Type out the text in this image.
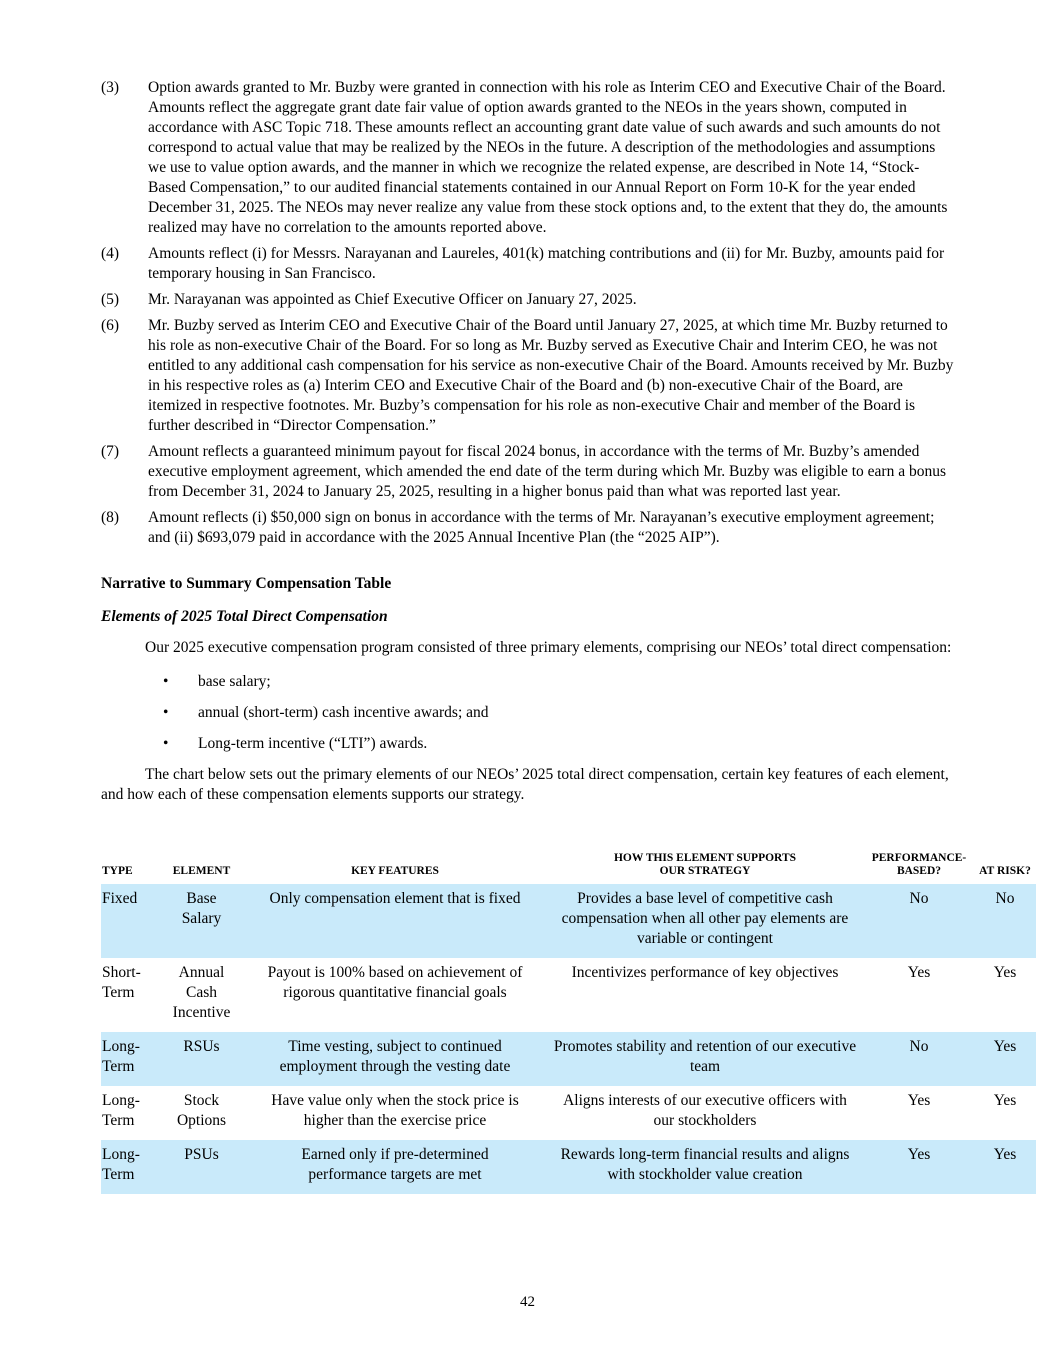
(3)	Option awards granted to Mr. Buzby were granted in connection with his role as Interim CEO and Executive Chair of the Board. Amounts reflect the aggregate grant date fair value of option awards granted to the NEOs in the years shown, computed in accordance with ASC Topic 718. These amounts reflect an accounting grant date value of such awards and such amounts do not correspond to actual value that may be realized by the NEOs in the future. A description of the methodologies and assumptions we use to value option awards, and the manner in which we recognize the related expense, are described in Note 14, “Stock-Based Compensation,” to our audited financial statements contained in our Annual Report on Form 10-K for the year ended December 31, 2025. The NEOs may never realize any value from these stock options and, to the extent that they do, the amounts realized may have no correlation to the amounts reported above.
(4)	Amounts reflect (i) for Messrs. Narayanan and Laureles, 401(k) matching contributions and (ii) for Mr. Buzby, amounts paid for temporary housing in San Francisco.
(5)	Mr. Narayanan was appointed as Chief Executive Officer on January 27, 2025.
(6)	Mr. Buzby served as Interim CEO and Executive Chair of the Board until January 27, 2025, at which time Mr. Buzby returned to his role as non-executive Chair of the Board. For so long as Mr. Buzby served as Executive Chair and Interim CEO, he was not entitled to any additional cash compensation for his service as non-executive Chair of the Board. Amounts received by Mr. Buzby in his respective roles as (a) Interim CEO and Executive Chair of the Board and (b) non-executive Chair of the Board, are itemized in respective footnotes. Mr. Buzby’s compensation for his role as non-executive Chair and member of the Board is further described in “Director Compensation.”
(7)	Amount reflects a guaranteed minimum payout for fiscal 2024 bonus, in accordance with the terms of Mr. Buzby’s amended executive employment agreement, which amended the end date of the term during which Mr. Buzby was eligible to earn a bonus from December 31, 2024 to January 25, 2025, resulting in a higher bonus paid than what was reported last year.
(8)	Amount reflects (i) $50,000 sign on bonus in accordance with the terms of Mr. Narayanan’s executive employment agreement; and (ii) $693,079 paid in accordance with the 2025 Annual Incentive Plan (the “2025 AIP”).
Narrative to Summary Compensation Table
Elements of 2025 Total Direct Compensation

Our 2025 executive compensation program consisted of three primary elements, comprising our NEOs’ total direct compensation:

•	base salary;
•	annual (short-term) cash incentive awards; and
•	Long-term incentive (“LTI”) awards.

The chart below sets out the primary elements of our NEOs’ 2025 total direct compensation, certain key features of each element, and how each of these compensation elements supports our strategy.

TYPE	ELEMENT	KEY FEATURES	HOW THIS ELEMENT SUPPORTS OUR STRATEGY	PERFORMANCE-BASED?	AT RISK?
Fixed	Base Salary	Only compensation element that is fixed	Provides a base level of competitive cash compensation when all other pay elements are variable or contingent	No	No
Short-Term	Annual Cash Incentive	Payout is 100% based on achievement of rigorous quantitative financial goals	Incentivizes performance of key objectives	Yes	Yes
Long-Term	RSUs	Time vesting, subject to continued employment through the vesting date	Promotes stability and retention of our executive team	No	Yes
Long-Term	Stock Options	Have value only when the stock price is higher than the exercise price	Aligns interests of our executive officers with our stockholders	Yes	Yes
Long-Term	PSUs	Earned only if pre-determined performance targets are met	Rewards long-term financial results and aligns with stockholder value creation	Yes	Yes
42
